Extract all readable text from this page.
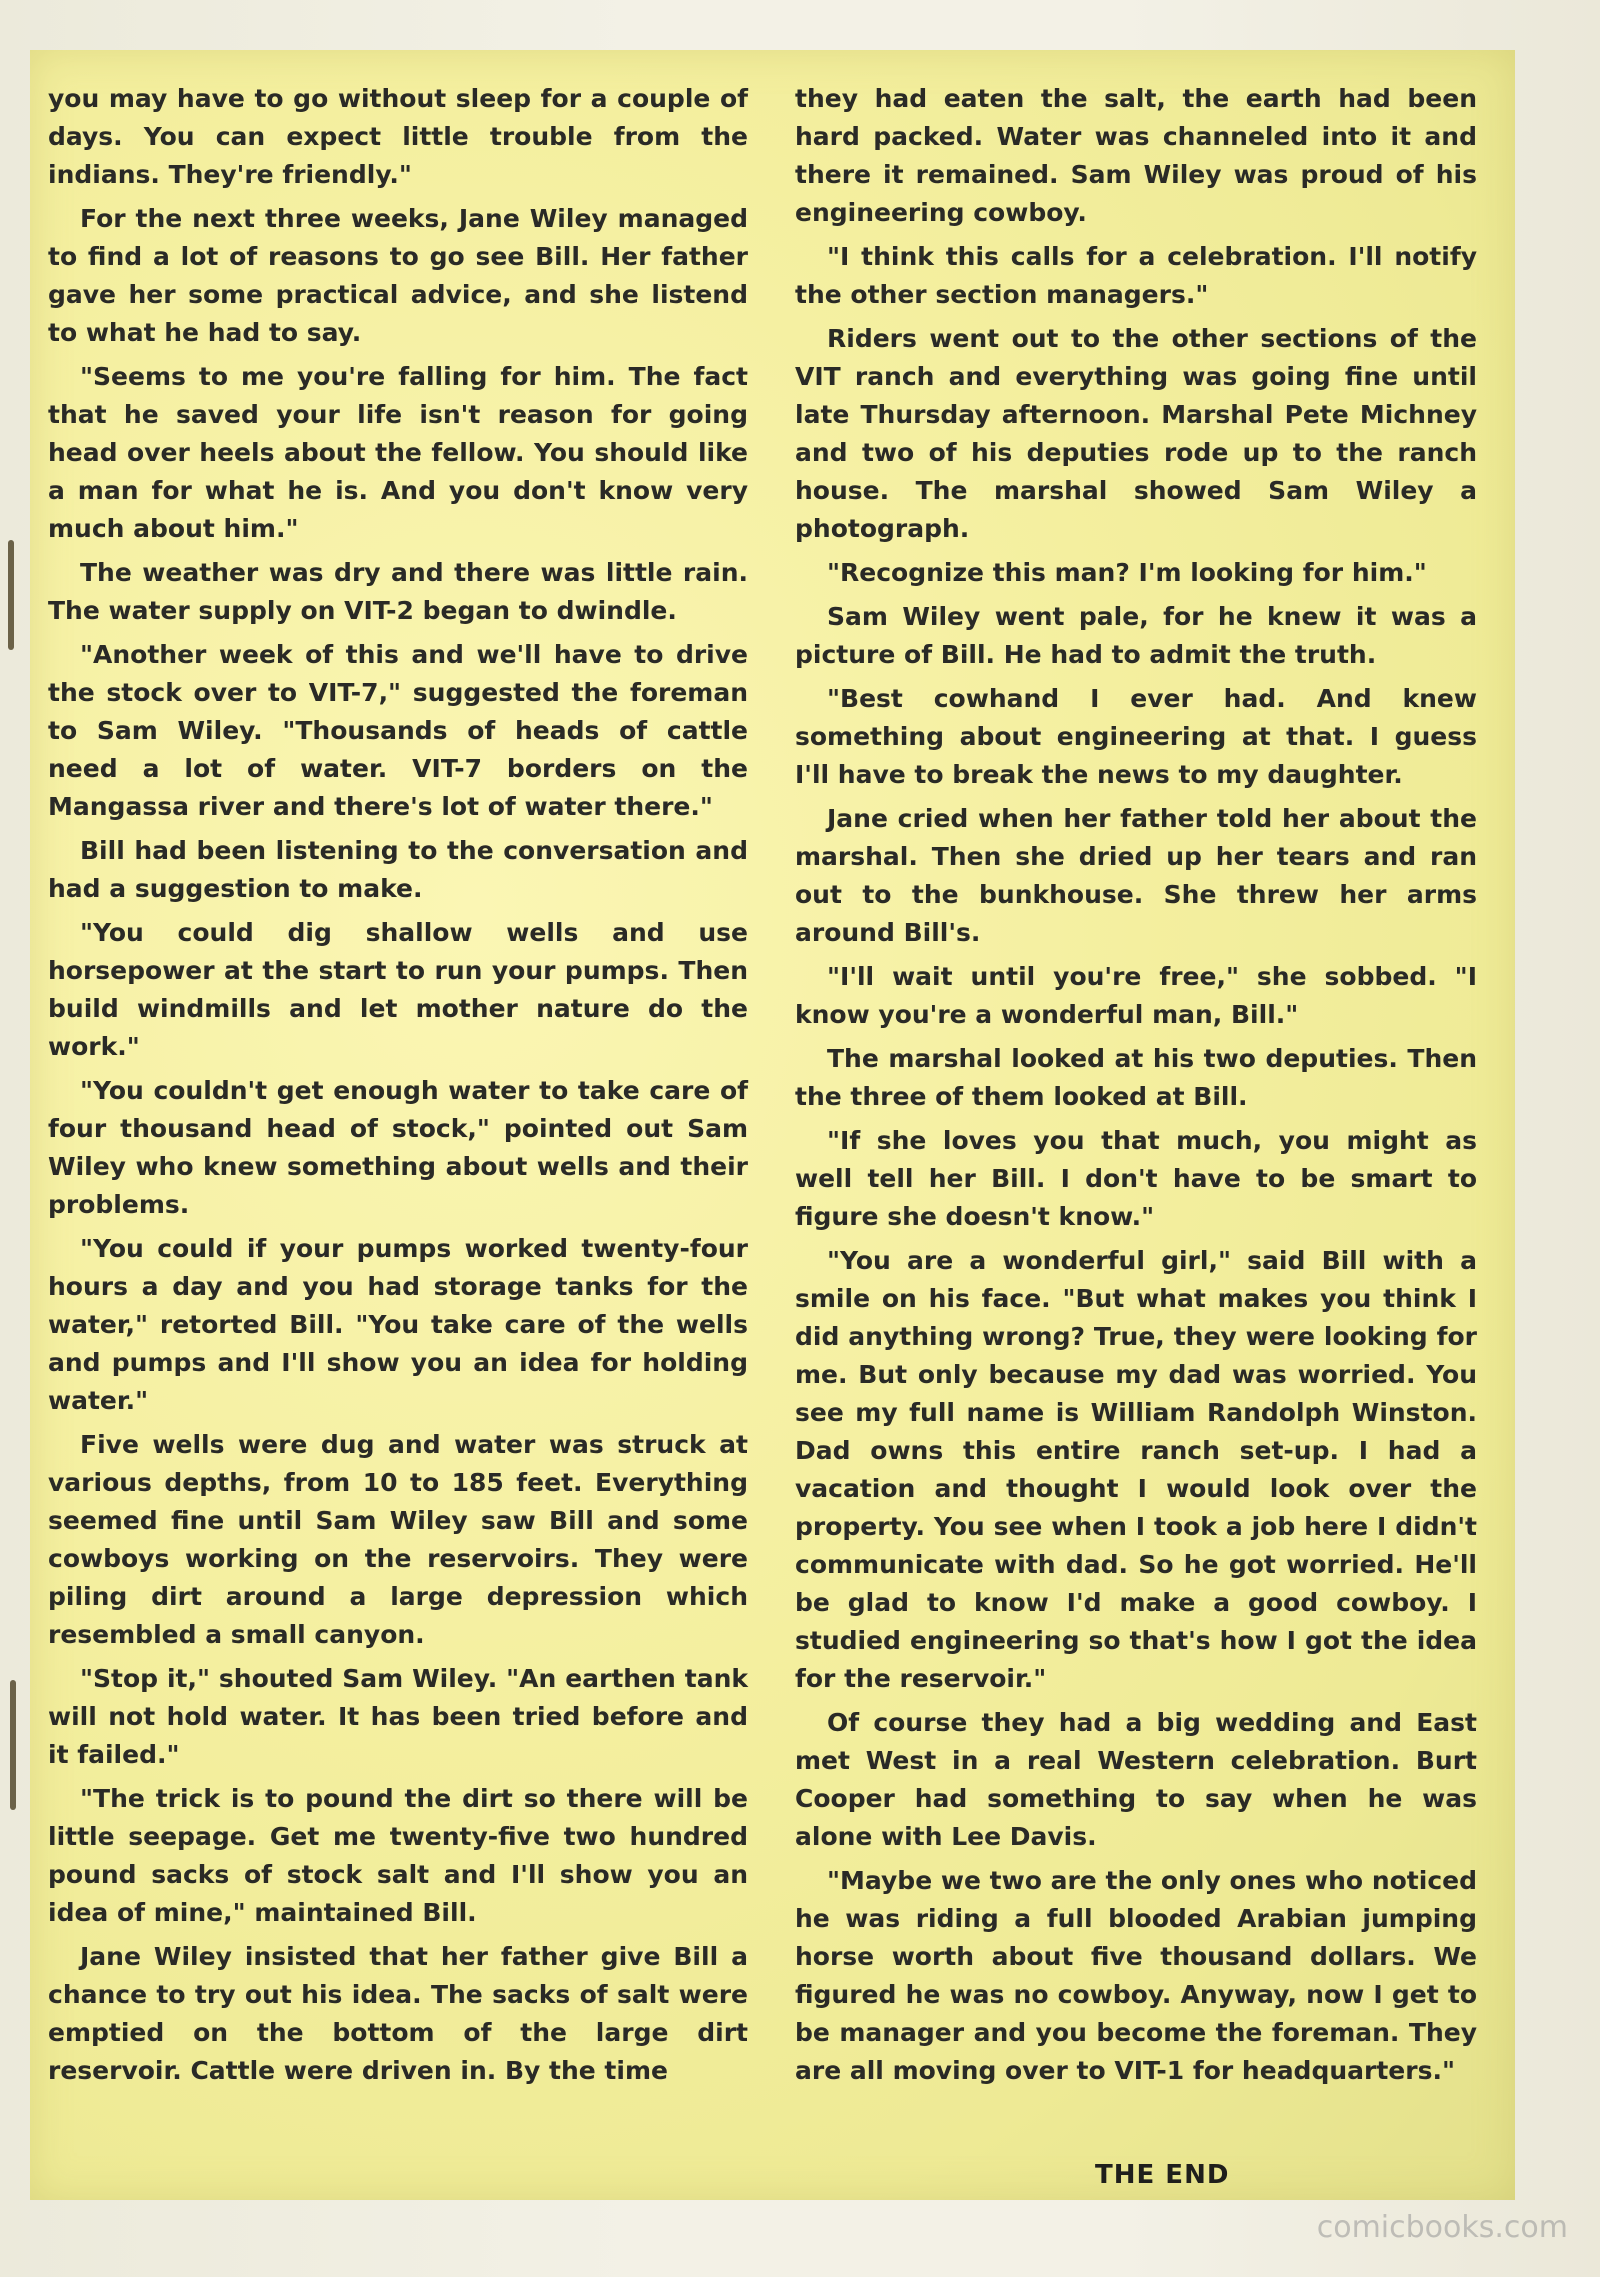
you may have to go without sleep for a couple of days. You can expect little trouble from the indians. They're friendly."

For the next three weeks, Jane Wiley managed to find a lot of reasons to go see Bill. Her father gave her some practical advice, and she listend to what he had to say.

"Seems to me you're falling for him. The fact that he saved your life isn't reason for going head over heels about the fellow. You should like a man for what he is. And you don't know very much about him."

The weather was dry and there was little rain. The water supply on VIT-2 began to dwindle.

"Another week of this and we'll have to drive the stock over to VIT-7," suggested the foreman to Sam Wiley. "Thousands of heads of cattle need a lot of water. VIT-7 borders on the Mangassa river and there's lot of water there."

Bill had been listening to the conversation and had a suggestion to make.

"You could dig shallow wells and use horsepower at the start to run your pumps. Then build windmills and let mother nature do the work."

"You couldn't get enough water to take care of four thousand head of stock," pointed out Sam Wiley who knew something about wells and their problems.

"You could if your pumps worked twenty-four hours a day and you had storage tanks for the water," retorted Bill. "You take care of the wells and pumps and I'll show you an idea for holding water."

Five wells were dug and water was struck at various depths, from 10 to 185 feet. Everything seemed fine until Sam Wiley saw Bill and some cowboys working on the reservoirs. They were piling dirt around a large depression which resembled a small canyon.

"Stop it," shouted Sam Wiley. "An earthen tank will not hold water. It has been tried before and it failed."

"The trick is to pound the dirt so there will be little seepage. Get me twenty-five two hundred pound sacks of stock salt and I'll show you an idea of mine," maintained Bill.

Jane Wiley insisted that her father give Bill a chance to try out his idea. The sacks of salt were emptied on the bottom of the large dirt reservoir. Cattle were driven in. By the time

they had eaten the salt, the earth had been hard packed. Water was channeled into it and there it remained. Sam Wiley was proud of his engineering cowboy.

"I think this calls for a celebration. I'll notify the other section managers."

Riders went out to the other sections of the VIT ranch and everything was going fine until late Thursday afternoon. Marshal Pete Michney and two of his deputies rode up to the ranch house. The marshal showed Sam Wiley a photograph.

"Recognize this man? I'm looking for him."

Sam Wiley went pale, for he knew it was a picture of Bill. He had to admit the truth.

"Best cowhand I ever had. And knew something about engineering at that. I guess I'll have to break the news to my daughter.

Jane cried when her father told her about the marshal. Then she dried up her tears and ran out to the bunkhouse. She threw her arms around Bill's.

"I'll wait until you're free," she sobbed. "I know you're a wonderful man, Bill."

The marshal looked at his two deputies. Then the three of them looked at Bill.

"If she loves you that much, you might as well tell her Bill. I don't have to be smart to figure she doesn't know."

"You are a wonderful girl," said Bill with a smile on his face. "But what makes you think I did anything wrong? True, they were looking for me. But only because my dad was worried. You see my full name is William Randolph Winston. Dad owns this entire ranch set-up. I had a vacation and thought I would look over the property. You see when I took a job here I didn't communicate with dad. So he got worried. He'll be glad to know I'd make a good cowboy. I studied engineering so that's how I got the idea for the reservoir."

Of course they had a big wedding and East met West in a real Western celebration. Burt Cooper had something to say when he was alone with Lee Davis.

"Maybe we two are the only ones who noticed he was riding a full blooded Arabian jumping horse worth about five thousand dollars. We figured he was no cowboy. Anyway, now I get to be manager and you become the foreman. They are all moving over to VIT-1 for headquarters."

THE END
comicbooks.com
